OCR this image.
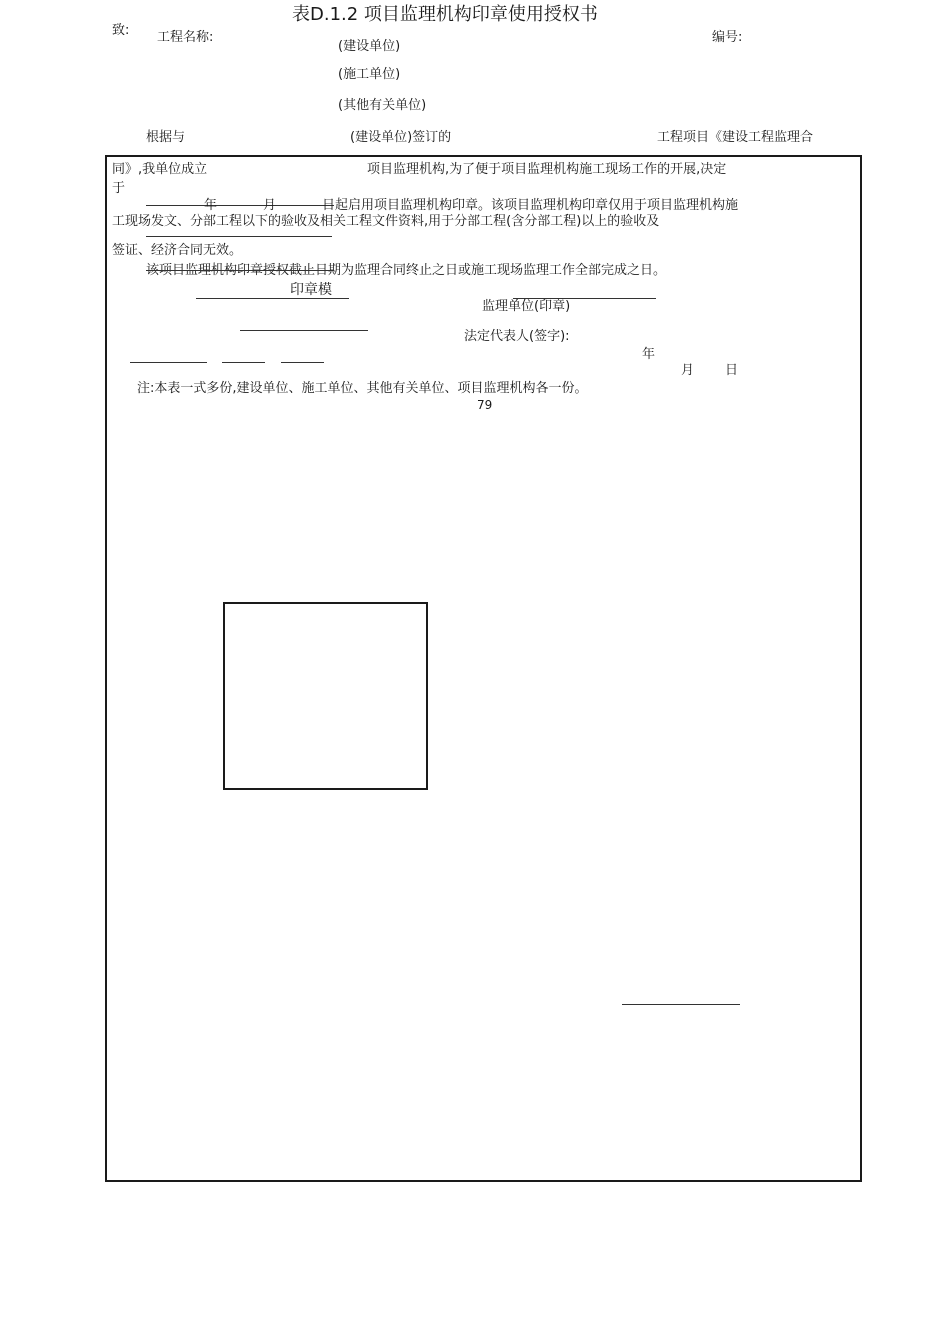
表D.1.2 项目监理机构印章使用授权书
致: 工程名称:	编号:
(建设单位)
(施工单位)
(其他有关单位)
根据与	(建设单位)签订的	工程项目《建设工程监理合
同》,我单位成立	项目监理机构,为了便于项目监理机构施工现场工作的开展,决定
于
年	月	日起启用项目监理机构印章。该项目监理机构印章仅用于项目监理机构施
工现场发文、分部工程以下的验收及相关工程文件资料,用于分部工程(含分部工程)以上的验收及
签证、经济合同无效。
该项目监理机构印章授权截止日期为监理合同终止之日或施工现场监理工作全部完成之日。
印章模
监理单位(印章)
法定代表人(签字):
年
月 日
注:本表一式多份,建设单位、施工单位、其他有关单位、项目监理机构各一份。
79
